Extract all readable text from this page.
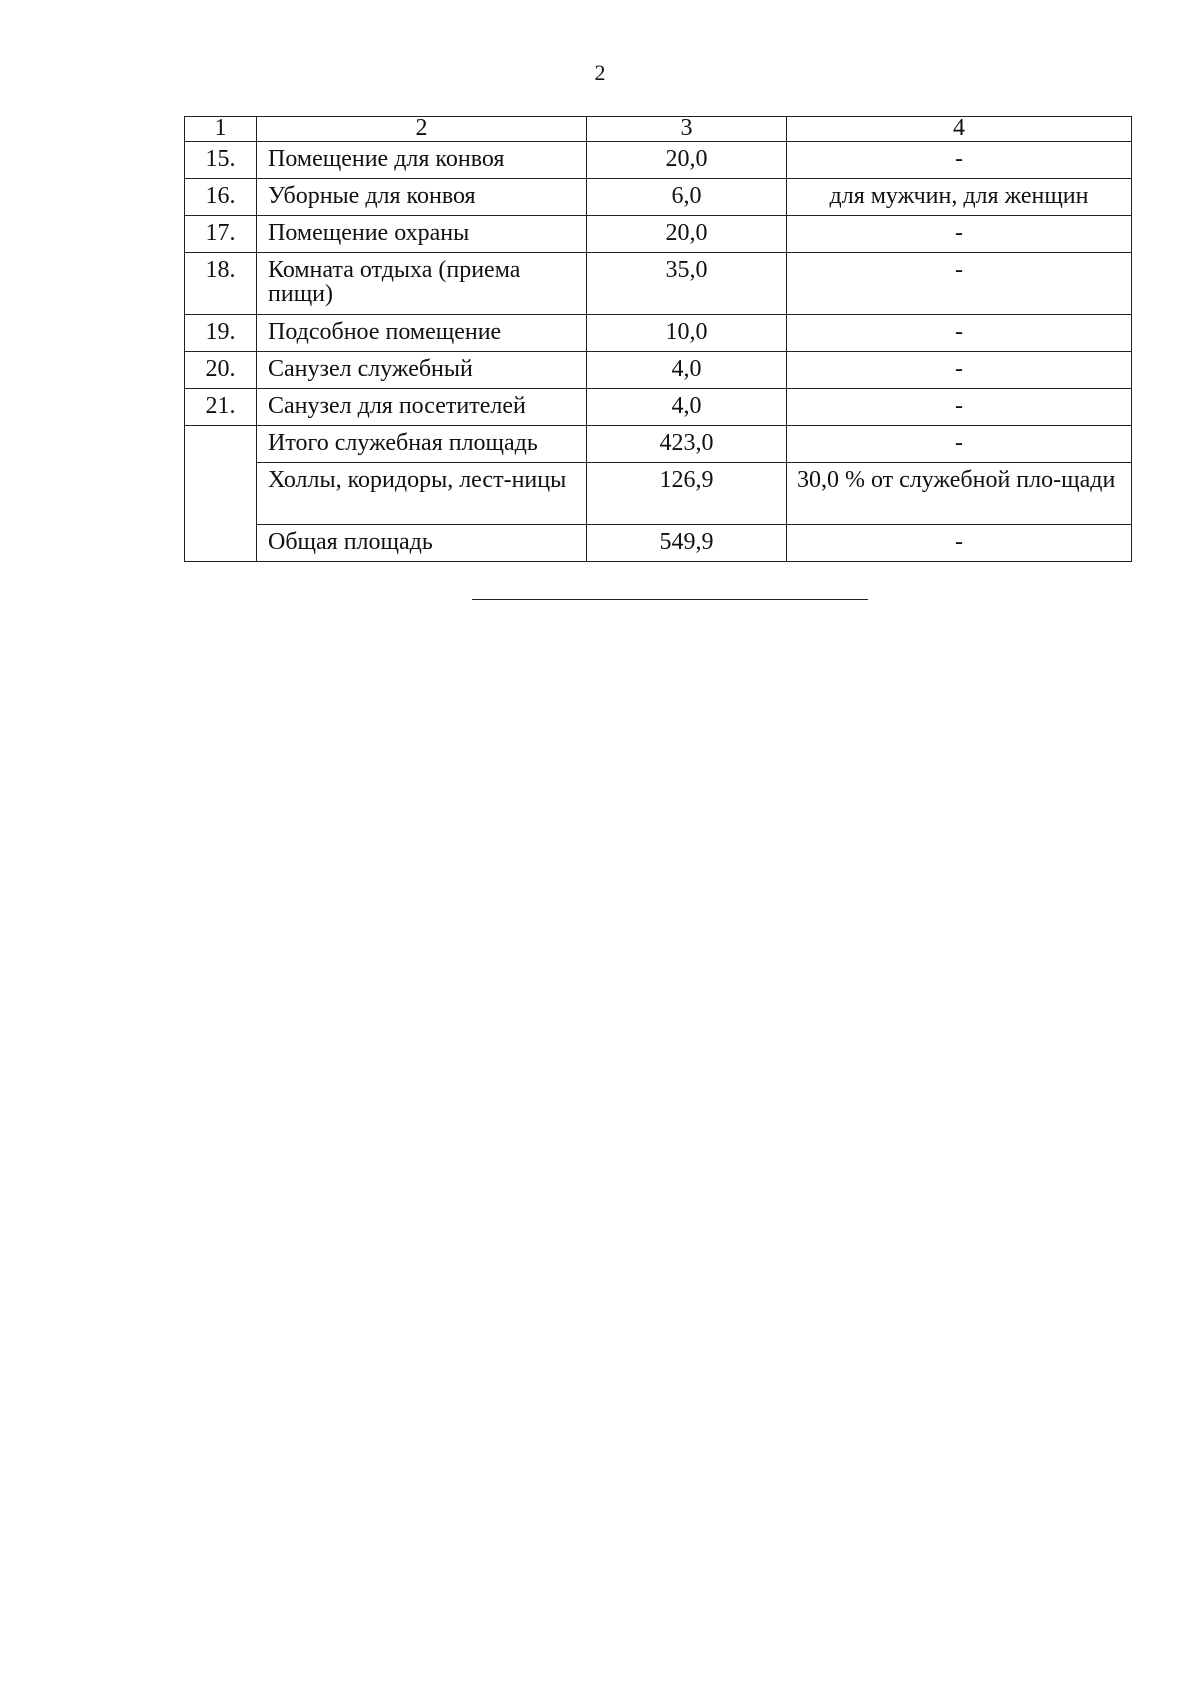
2
1	2	3	4

15.	Помещение для конвоя	20,0	-

16.	Уборные для конвоя	6,0	для мужчин, для женщин

17.	Помещение охраны	20,0	-

18.	Комната отдыха (приема пищи)	35,0	-

19.	Подсобное помещение	10,0	-

20.	Санузел служебный	4,0	-

21.	Санузел для посетителей	4,0	-

	Итого служебная площадь	423,0	-

	Холлы, коридоры, лест-ницы	126,9	30,0 % от служебной пло-щади

	Общая площадь	549,9	-
